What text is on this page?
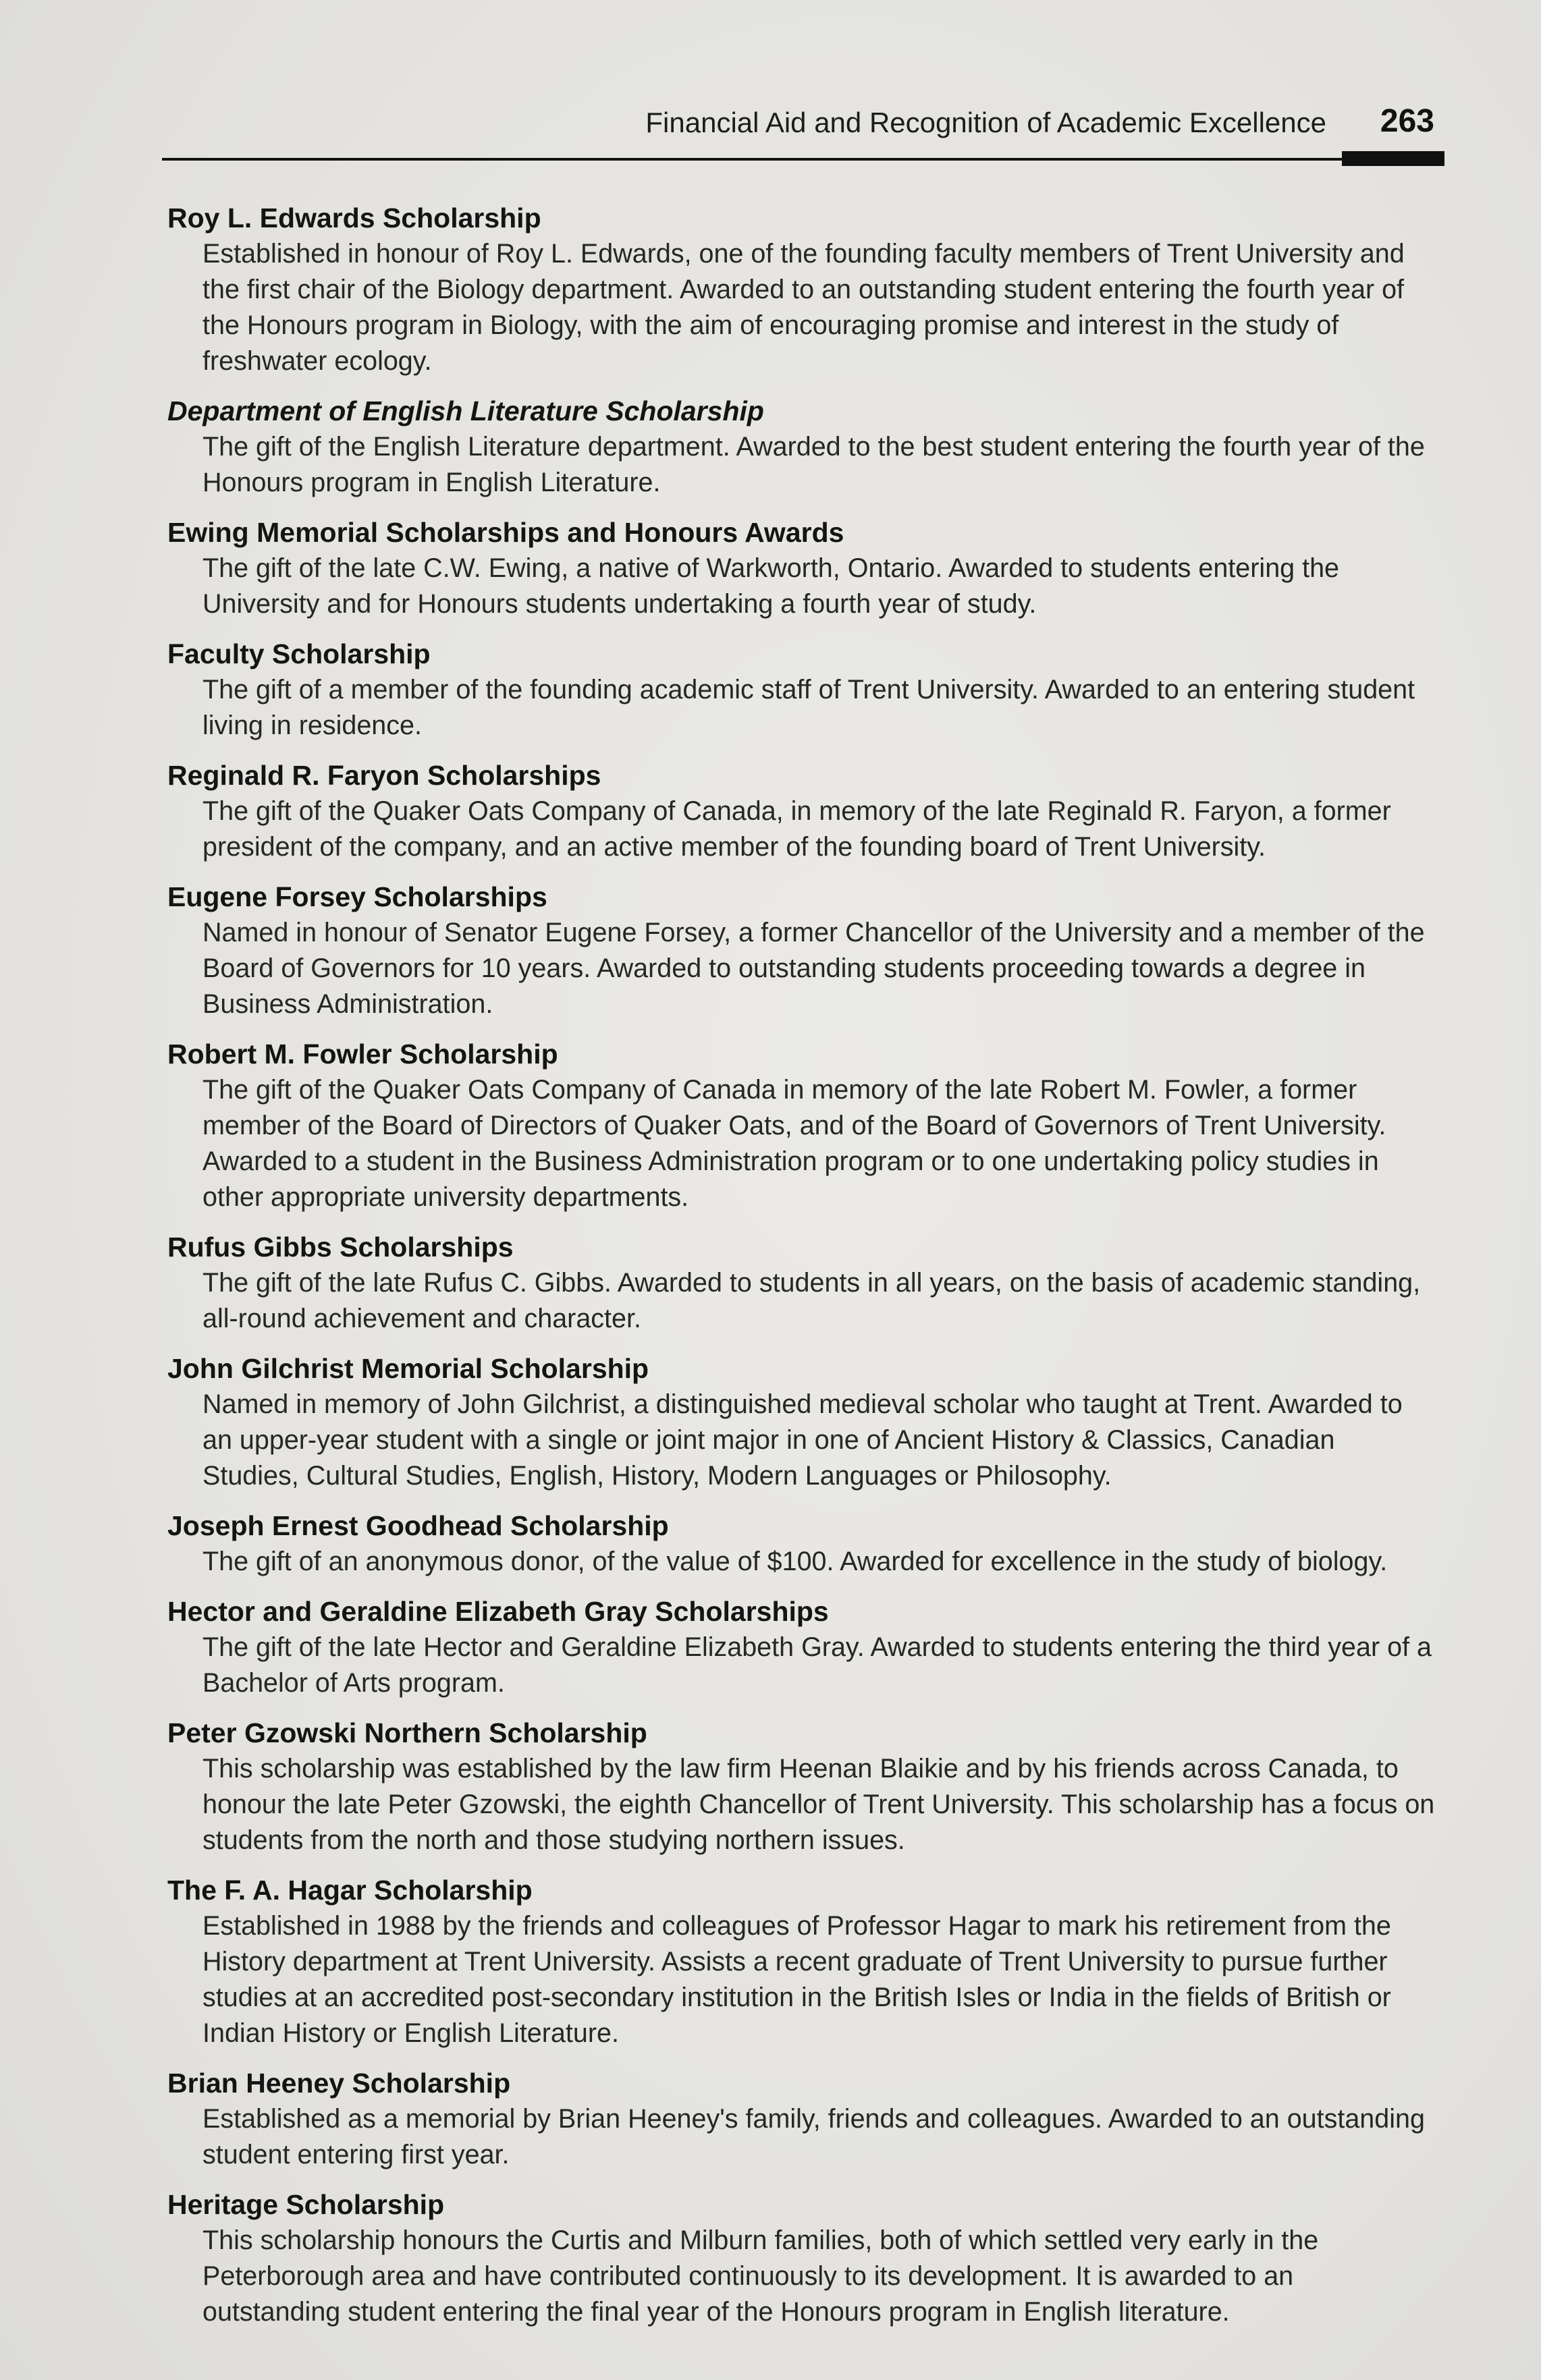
Financial Aid and Recognition of Academic Excellence 263
Roy L. Edwards Scholarship
Established in honour of Roy L. Edwards, one of the founding faculty members of Trent University and the first chair of the Biology department. Awarded to an outstanding student entering the fourth year of the Honours program in Biology, with the aim of encouraging promise and interest in the study of freshwater ecology.
Department of English Literature Scholarship
The gift of the English Literature department. Awarded to the best student entering the fourth year of the Honours program in English Literature.
Ewing Memorial Scholarships and Honours Awards
The gift of the late C.W. Ewing, a native of Warkworth, Ontario. Awarded to students entering the University and for Honours students undertaking a fourth year of study.
Faculty Scholarship
The gift of a member of the founding academic staff of Trent University. Awarded to an entering student living in residence.
Reginald R. Faryon Scholarships
The gift of the Quaker Oats Company of Canada, in memory of the late Reginald R. Faryon, a former president of the company, and an active member of the founding board of Trent University.
Eugene Forsey Scholarships
Named in honour of Senator Eugene Forsey, a former Chancellor of the University and a member of the Board of Governors for 10 years. Awarded to outstanding students proceeding towards a degree in Business Administration.
Robert M. Fowler Scholarship
The gift of the Quaker Oats Company of Canada in memory of the late Robert M. Fowler, a former member of the Board of Directors of Quaker Oats, and of the Board of Governors of Trent University. Awarded to a student in the Business Administration program or to one undertaking policy studies in other appropriate university departments.
Rufus Gibbs Scholarships
The gift of the late Rufus C. Gibbs. Awarded to students in all years, on the basis of academic standing, all-round achievement and character.
John Gilchrist Memorial Scholarship
Named in memory of John Gilchrist, a distinguished medieval scholar who taught at Trent. Awarded to an upper-year student with a single or joint major in one of Ancient History & Classics, Canadian Studies, Cultural Studies, English, History, Modern Languages or Philosophy.
Joseph Ernest Goodhead Scholarship
The gift of an anonymous donor, of the value of $100. Awarded for excellence in the study of biology.
Hector and Geraldine Elizabeth Gray Scholarships
The gift of the late Hector and Geraldine Elizabeth Gray. Awarded to students entering the third year of a Bachelor of Arts program.
Peter Gzowski Northern Scholarship
This scholarship was established by the law firm Heenan Blaikie and by his friends across Canada, to honour the late Peter Gzowski, the eighth Chancellor of Trent University. This scholarship has a focus on students from the north and those studying northern issues.
The F. A. Hagar Scholarship
Established in 1988 by the friends and colleagues of Professor Hagar to mark his retirement from the History department at Trent University. Assists a recent graduate of Trent University to pursue further studies at an accredited post-secondary institution in the British Isles or India in the fields of British or Indian History or English Literature.
Brian Heeney Scholarship
Established as a memorial by Brian Heeney's family, friends and colleagues. Awarded to an outstanding student entering first year.
Heritage Scholarship
This scholarship honours the Curtis and Milburn families, both of which settled very early in the Peterborough area and have contributed continuously to its development. It is awarded to an outstanding student entering the final year of the Honours program in English literature.
